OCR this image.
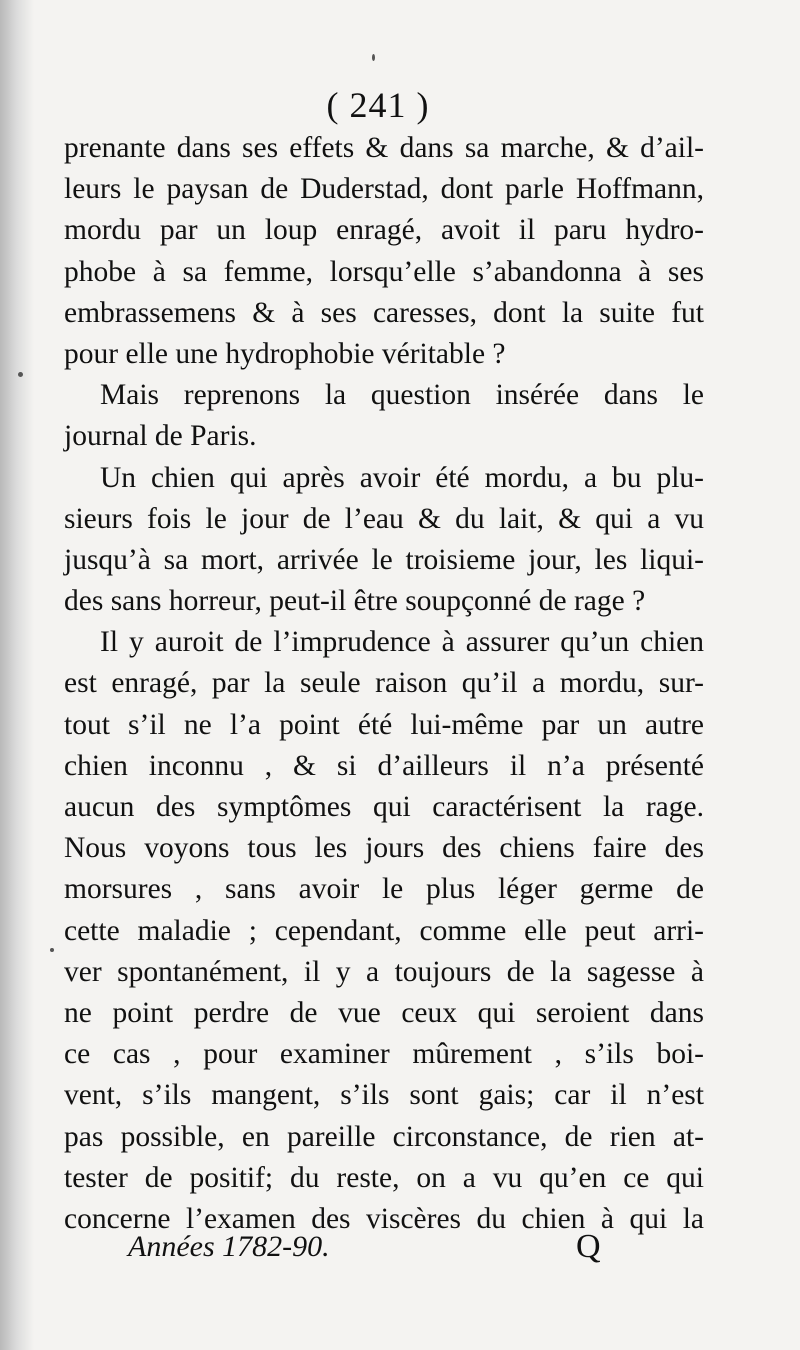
( 241 )
prenante dans ses effets & dans sa marche, & d’ail-
leurs le paysan de Duderstad, dont parle Hoffmann,
mordu par un loup enragé, avoit il paru hydro-
phobe à sa femme, lorsqu’elle s’abandonna à ses
embrassemens & à ses caresses, dont la suite fut
pour elle une hydrophobie véritable ?
Mais reprenons la question insérée dans le
journal de Paris.
Un chien qui après avoir été mordu, a bu plu-
sieurs fois le jour de l’eau & du lait, & qui a vu
jusqu’à sa mort, arrivée le troisieme jour, les liqui-
des sans horreur, peut-il être soupçonné de rage ?
Il y auroit de l’imprudence à assurer qu’un chien
est enragé, par la seule raison qu’il a mordu, sur-
tout s’il ne l’a point été lui-même par un autre
chien inconnu , & si d’ailleurs il n’a présenté
aucun des symptômes qui caractérisent la rage.
Nous voyons tous les jours des chiens faire des
morsures , sans avoir le plus léger germe de
cette maladie ; cependant, comme elle peut arri-
ver spontanément, il y a toujours de la sagesse à
ne point perdre de vue ceux qui seroient dans
ce cas , pour examiner mûrement , s’ils boi-
vent, s’ils mangent, s’ils sont gais; car il n’est
pas possible, en pareille circonstance, de rien at-
tester de positif; du reste, on a vu qu’en ce qui
concerne l’examen des viscères du chien à qui la
Années 1782-90.	Q
